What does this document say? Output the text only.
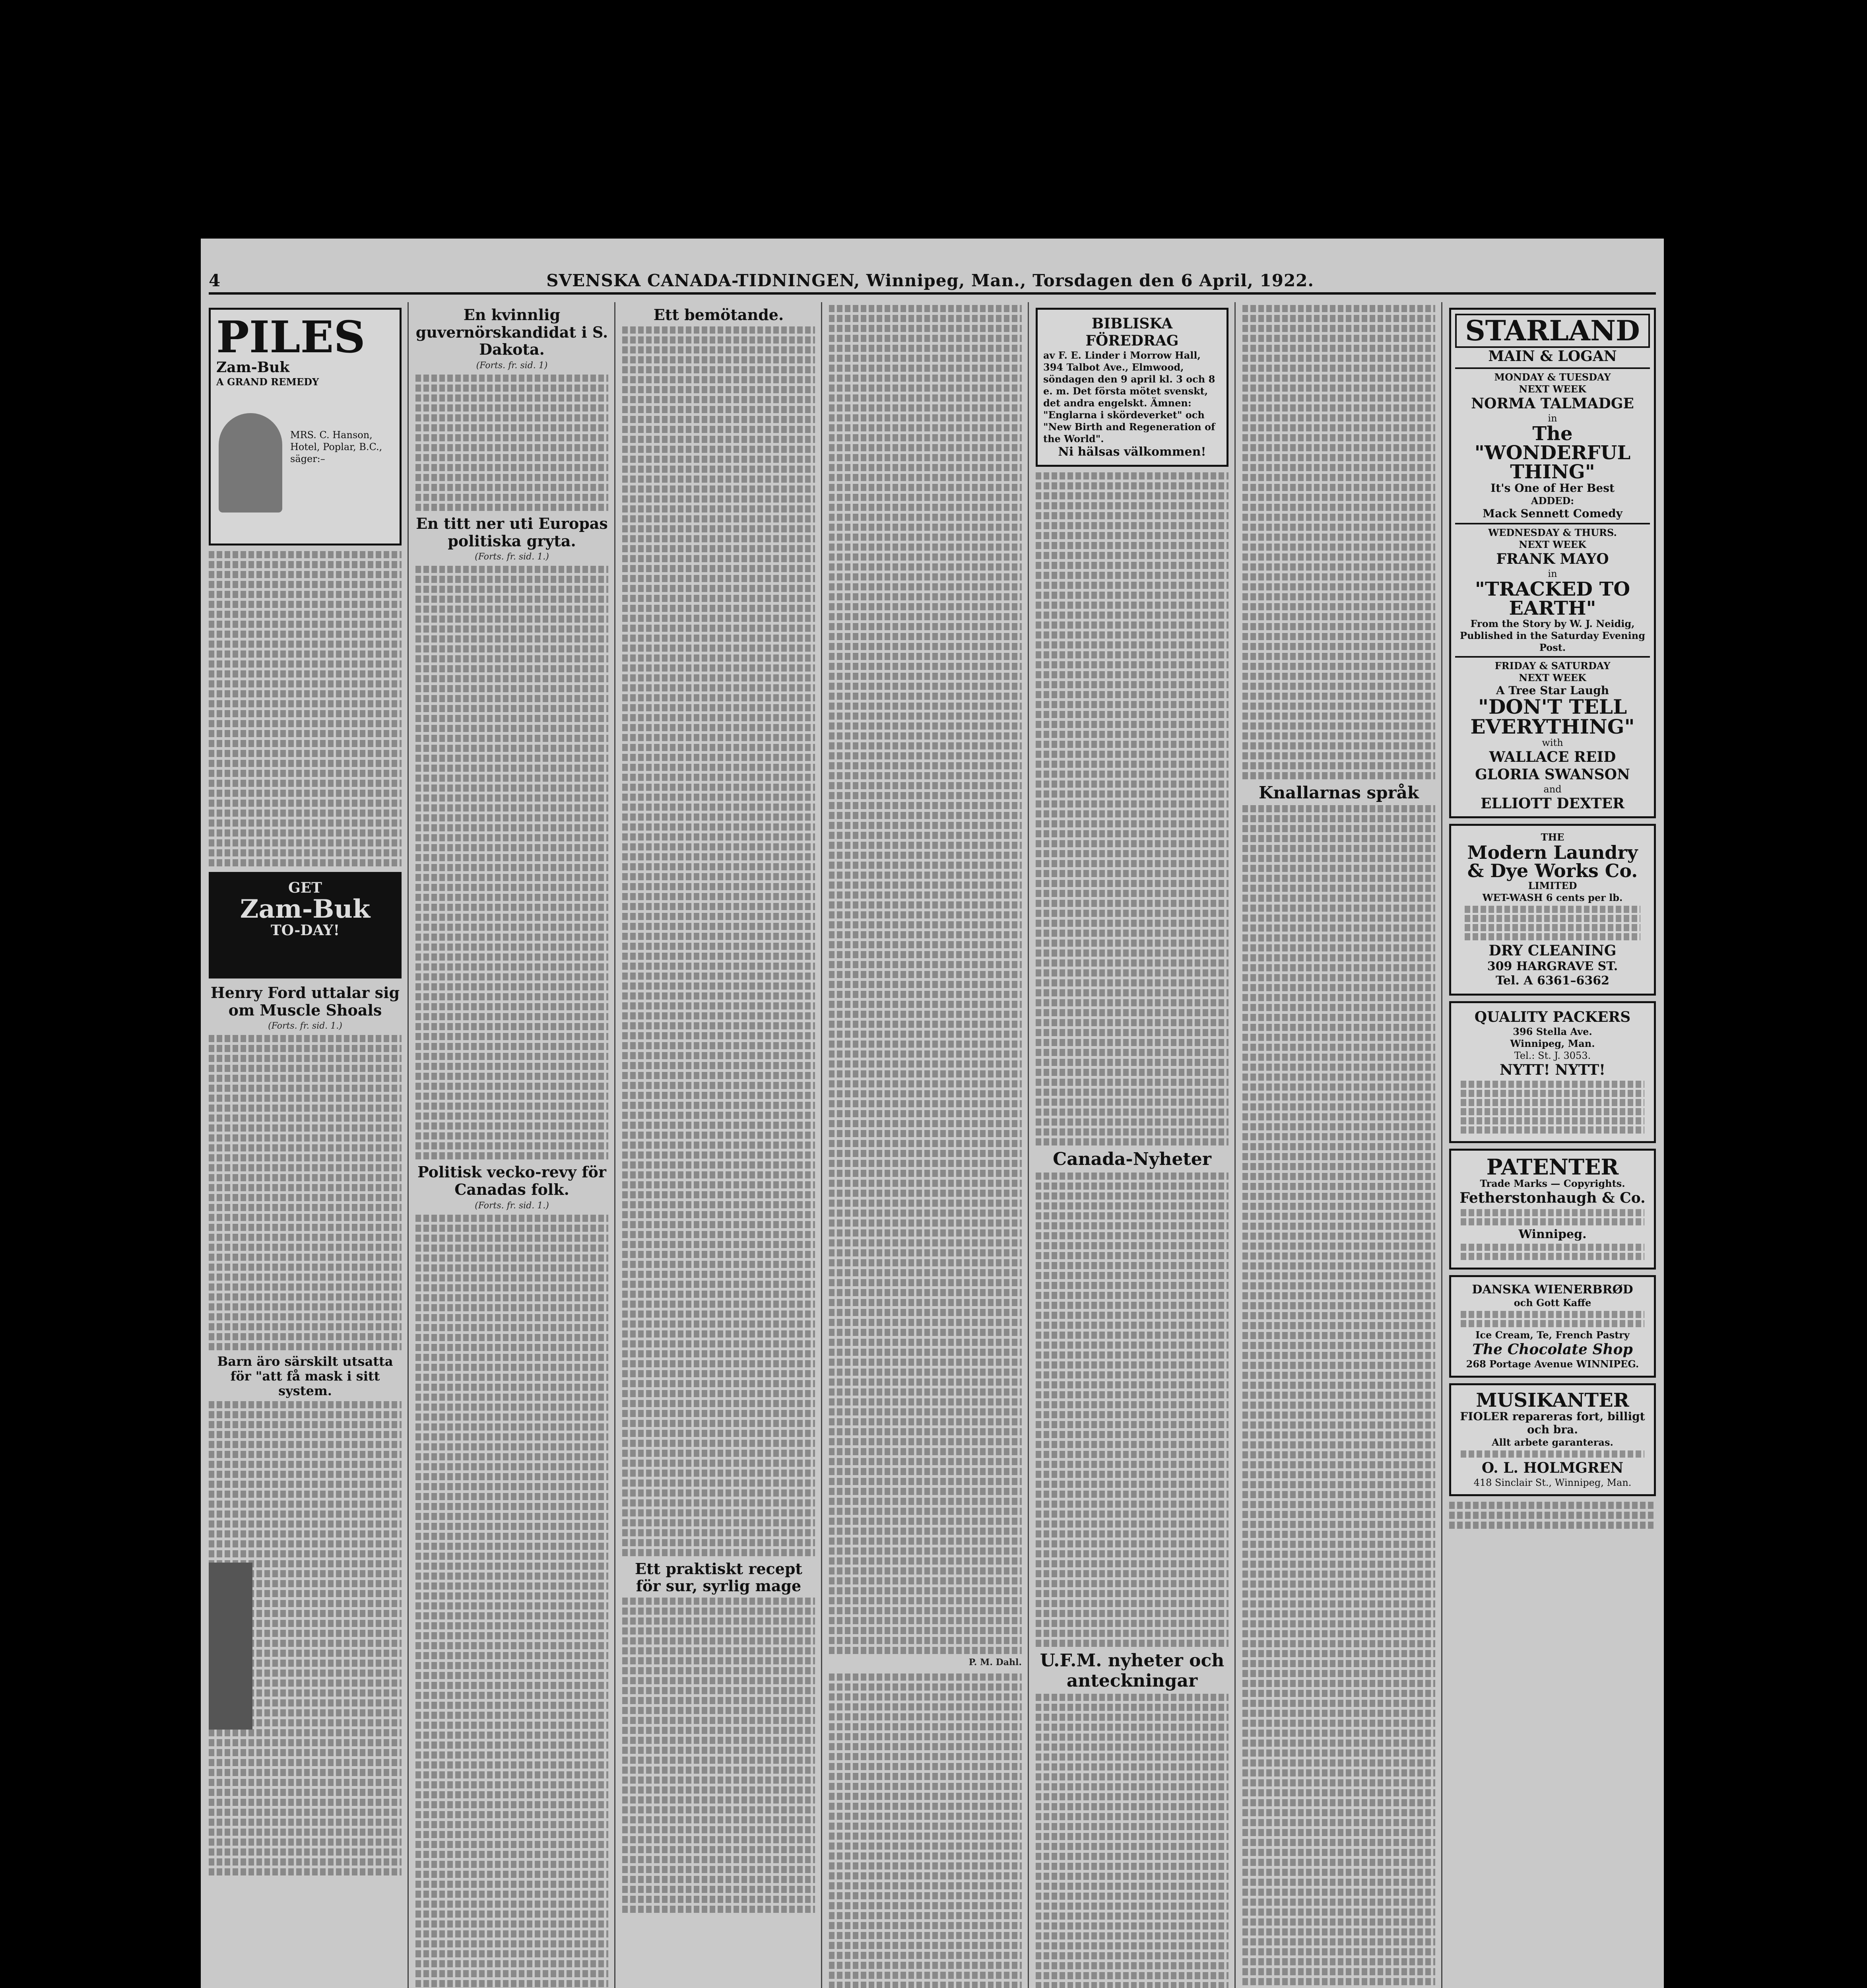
4	SVENSKA CANADA-TIDNINGEN, Winnipeg, Man., Torsdagen den 6 April, 1922.
PILES
Zam-Buk
A GRAND REMEDY
MRS. C. Hanson, Hotel, Poplar, B.C., säger:–
GET
Zam-Buk
TO-DAY!
Henry Ford uttalar sig om Muscle Shoals
(Forts. fr. sid. 1.)
Barn äro särskilt utsatta för "att få mask i sitt system.
En kvinnlig guvernörskandidat i S. Dakota.
(Forts. fr. sid. 1)
En titt ner uti Europas politiska gryta.
(Forts. fr. sid. 1.)
Politisk vecko-revy för Canadas folk.
(Forts. fr. sid. 1.)
Ett bemötande.
Ett praktiskt recept för sur, syrlig mage
P. M. Dahl.
BIBLISKA FÖREDRAG
av F. E. Linder i Morrow Hall, 394 Talbot Ave., Elmwood, söndagen den 9 april kl. 3 och 8 e. m. Det första mötet svenskt, det andra engelskt. Ämnen: "Englarna i skördeverket" och "New Birth and Regeneration of the World".
Ni hälsas välkommen!
Canada-Nyheter
U.F.M. nyheter och anteckningar
Knallarnas språk
STARLAND
MAIN & LOGAN
MONDAY & TUESDAY
NEXT WEEK
NORMA TALMADGE
in
The "WONDERFUL THING"
It's One of Her Best
ADDED:
Mack Sennett Comedy
WEDNESDAY & THURS.
NEXT WEEK
FRANK MAYO
in
"TRACKED TO EARTH"
From the Story by W. J. Neidig, Published in the Saturday Evening Post.
FRIDAY & SATURDAY
NEXT WEEK
A Tree Star Laugh
"DON'T TELL EVERYTHING"
with
WALLACE REID
GLORIA SWANSON
and
ELLIOTT DEXTER
THE
Modern Laundry & Dye Works Co.
LIMITED
WET-WASH 6 cents per lb.
DRY CLEANING
309 HARGRAVE ST.
Tel. A 6361–6362
QUALITY PACKERS
396 Stella Ave.
Winnipeg, Man.
Tel.: St. J. 3053.
NYTT! NYTT!
PATENTER
Trade Marks — Copyrights.
Fetherstonhaugh & Co.
Winnipeg.
DANSKA WIENERBRØD
och Gott Kaffe
Ice Cream, Te, French Pastry
The Chocolate Shop
268 Portage Avenue WINNIPEG.
MUSIKANTER
FIOLER repareras fort, billigt och bra.
Allt arbete garanteras.
O. L. HOLMGREN
418 Sinclair St., Winnipeg, Man.
